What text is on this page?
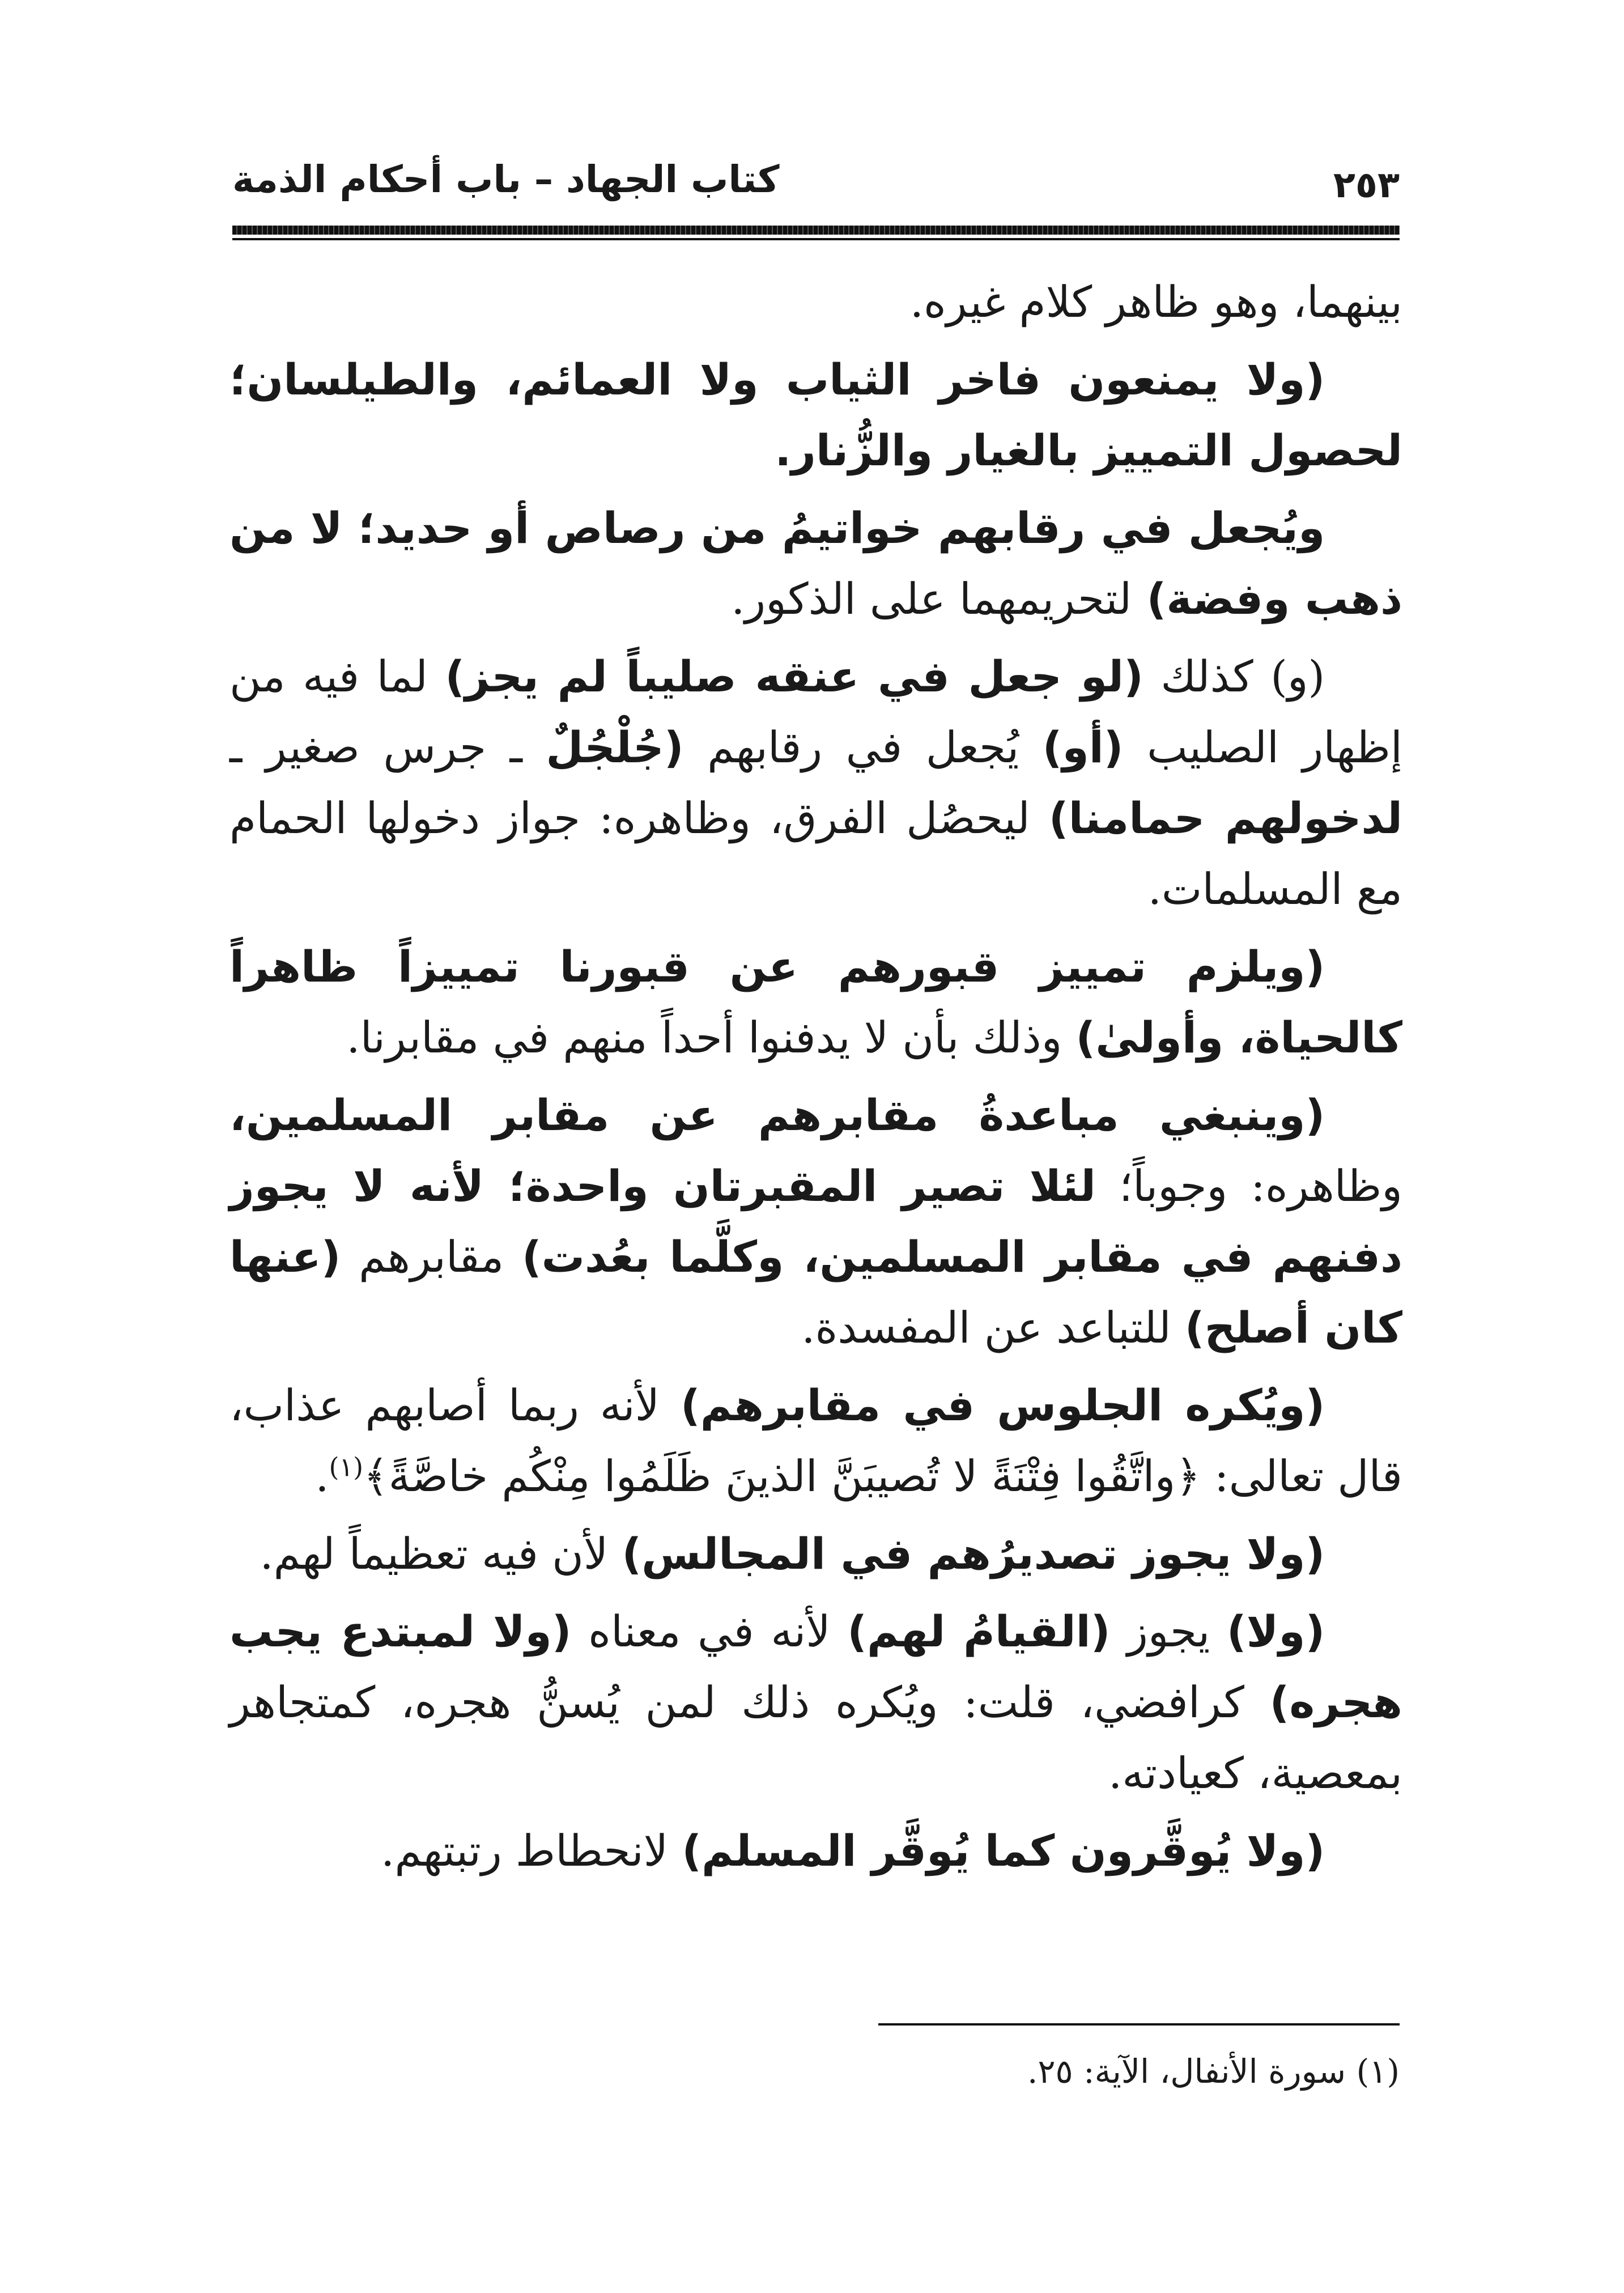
٢٥٣
كتاب الجهاد – باب أحكام الذمة

بينهما، وهو ظاهر كلام غيره.

(ولا يمنعون فاخر الثياب ولا العمائم، والطيلسان؛ لحصول التمييز بالغيار والزُّنار.

ويُجعل في رقابهم خواتيمُ من رصاص أو حديد؛ لا من ذهب وفضة) لتحريمهما على الذكور.

(و) كذلك (لو جعل في عنقه صليباً لم يجز) لما فيه من إظهار الصليب (أو) يُجعل في رقابهم (جُلْجُلٌ ـ جرس صغير ـ لدخولهم حمامنا) ليحصُل الفرق، وظاهره: جواز دخولها الحمام مع المسلمات.

(ويلزم تمييز قبورهم عن قبورنا تمييزاً ظاهراً كالحياة، وأولىٰ) وذلك بأن لا يدفنوا أحداً منهم في مقابرنا.

(وينبغي مباعدةُ مقابرهم عن مقابر المسلمين، وظاهره: وجوباً؛ لئلا تصير المقبرتان واحدة؛ لأنه لا يجوز دفنهم في مقابر المسلمين، وكلَّما بعُدت) مقابرهم (عنها كان أصلح) للتباعد عن المفسدة.

(ويُكره الجلوس في مقابرهم) لأنه ربما أصابهم عذاب، قال تعالى: ﴿واتَّقُوا فِتْنَةً لا تُصيبَنَّ الذينَ ظَلَمُوا مِنْكُم خاصَّةً﴾$^{(١)}$.

(ولا يجوز تصديرُهم في المجالس) لأن فيه تعظيماً لهم.

(ولا) يجوز (القيامُ لهم) لأنه في معناه (ولا لمبتدع يجب هجره) كرافضي، قلت: ويُكره ذلك لمن يُسنُّ هجره، كمتجاهر بمعصية، كعيادته.

(ولا يُوقَّرون كما يُوقَّر المسلم) لانحطاط رتبتهم.

(١) سورة الأنفال، الآية: ٢٥.
